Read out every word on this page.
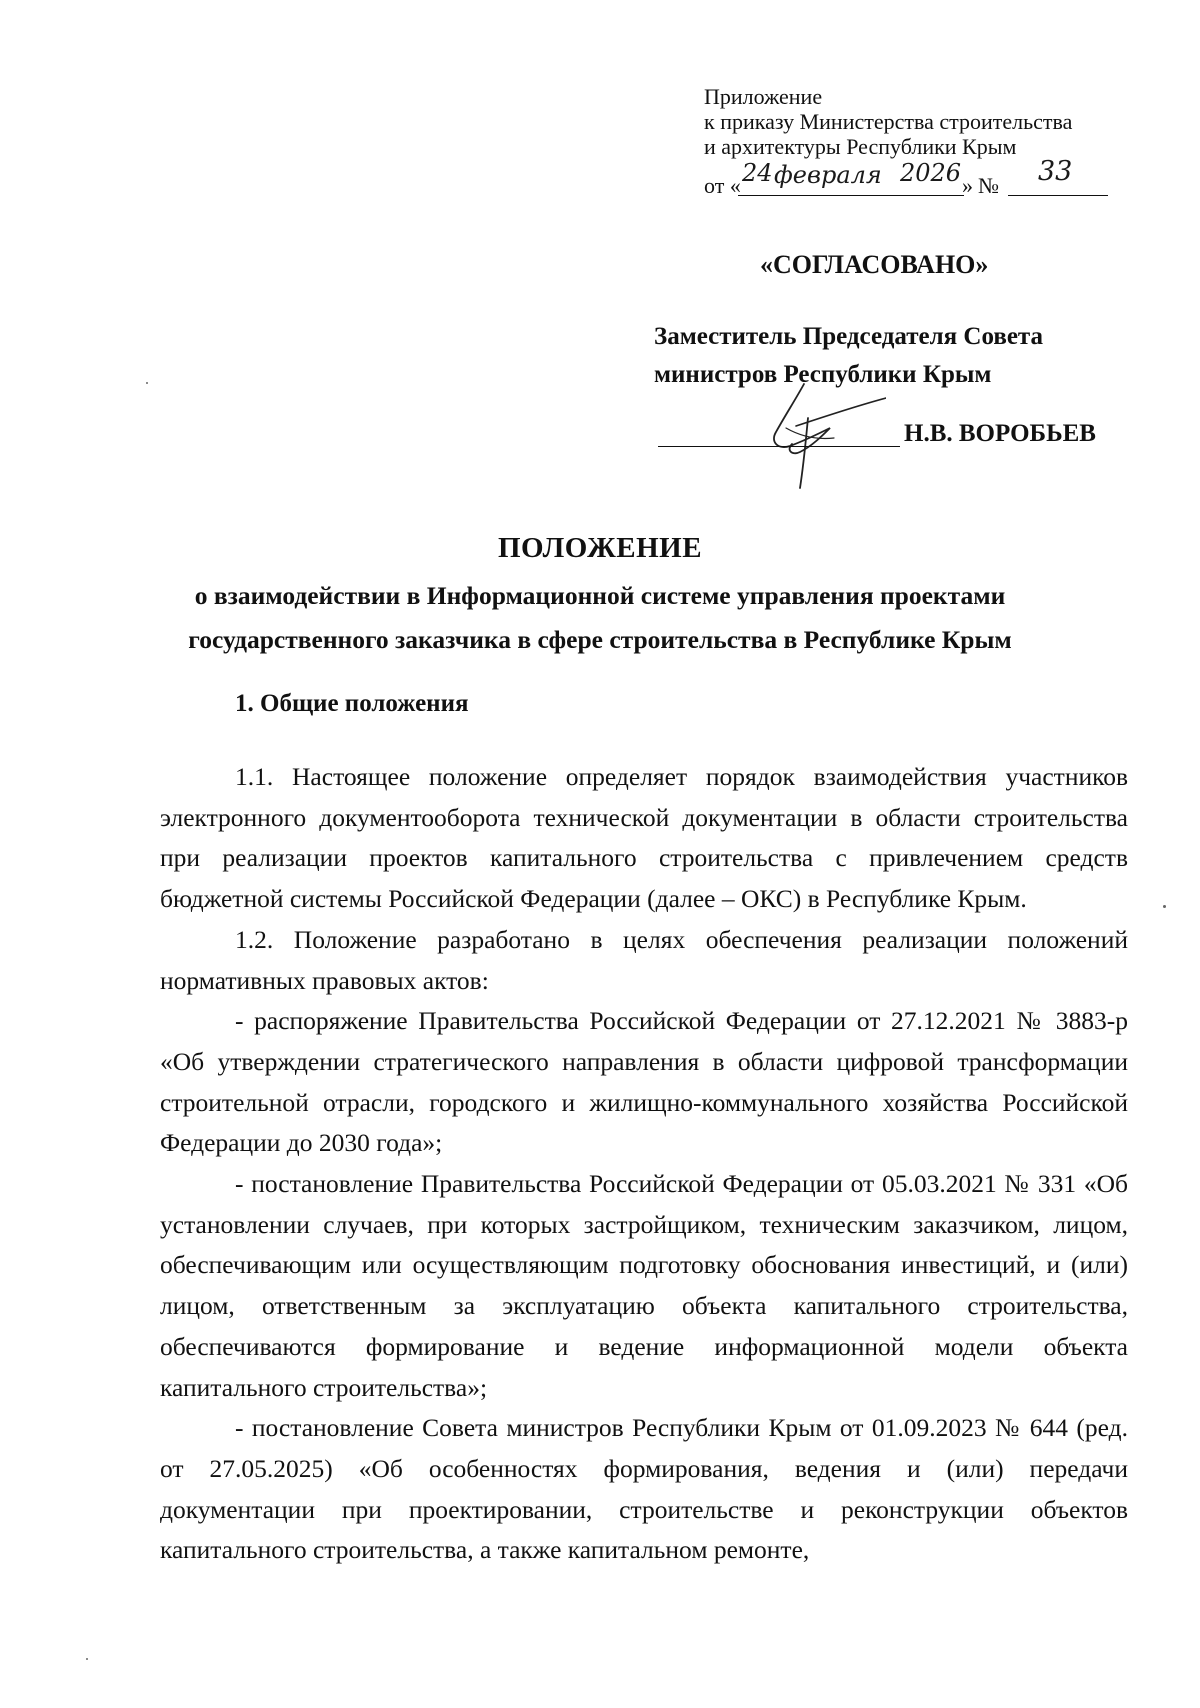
Приложение
к приказу Министерства строительства
и архитектуры Республики Крым
от « 24 февраля 2026 » № 33
«СОГЛАСОВАНО»
Заместитель Председателя Совета
министров Республики Крым
Н.В. ВОРОБЬЕВ
ПОЛОЖЕНИЕ
о взаимодействии в Информационной системе управления проектами государственного заказчика в сфере строительства в Республике Крым
1. Общие положения

1.1. Настоящее положение определяет порядок взаимодействия участников электронного документооборота технической документации в области строительства при реализации проектов капитального строительства с привлечением средств бюджетной системы Российской Федерации (далее – ОКС) в Республике Крым.

1.2. Положение разработано в целях обеспечения реализации положений нормативных правовых актов:

- распоряжение Правительства Российской Федерации от 27.12.2021 № 3883-р «Об утверждении стратегического направления в области цифровой трансформации строительной отрасли, городского и жилищно-коммунального хозяйства Российской Федерации до 2030 года»;

- постановление Правительства Российской Федерации от 05.03.2021 № 331 «Об установлении случаев, при которых застройщиком, техническим заказчиком, лицом, обеспечивающим или осуществляющим подготовку обоснования инвестиций, и (или) лицом, ответственным за эксплуатацию объекта капитального строительства, обеспечиваются формирование и ведение информационной модели объекта капитального строительства»;

- постановление Совета министров Республики Крым от 01.09.2023 № 644 (ред. от 27.05.2025) «Об особенностях формирования, ведения и (или) передачи документации при проектировании, строительстве и реконструкции объектов капитального строительства, а также капитальном ремонте,
